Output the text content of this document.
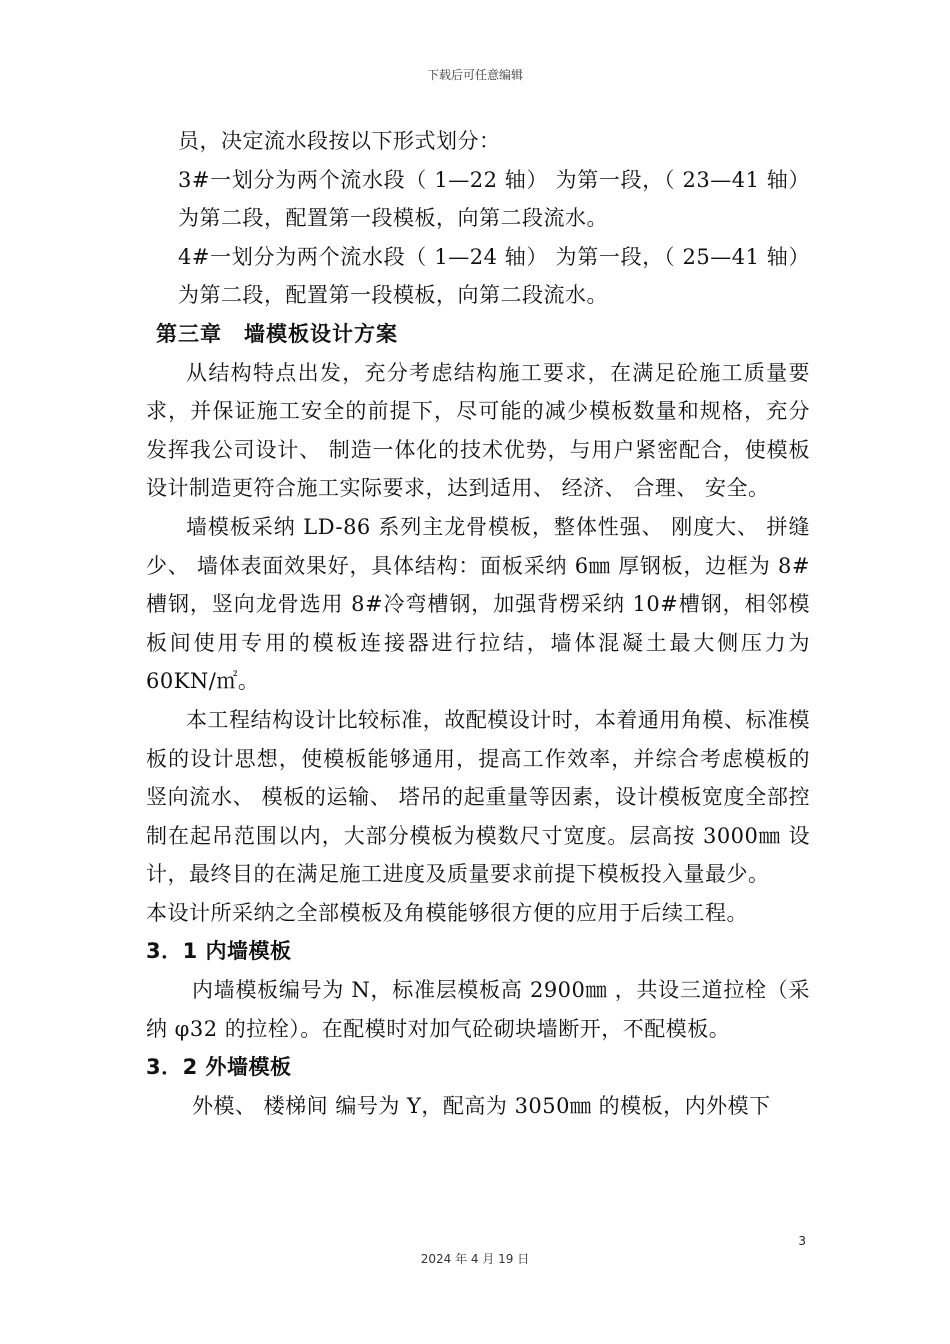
下载后可任意编辑

员，决定流水段按以下形式划分：

3#一划分为两个流水段（ 1—22 轴） 为第一段，（ 23—41 轴） 为第二段，配置第一段模板，向第二段流水。

4#一划分为两个流水段（ 1—24 轴） 为第一段，（ 25—41 轴） 为第二段，配置第一段模板，向第二段流水。

第三章　墙模板设计方案

从结构特点出发，充分考虑结构施工要求，在满足砼施工质量要求，并保证施工安全的前提下，尽可能的减少模板数量和规格，充分发挥我公司设计、 制造一体化的技术优势，与用户紧密配合，使模板设计制造更符合施工实际要求，达到适用、 经济、 合理、 安全。

墙模板采纳 LD-86 系列主龙骨模板，整体性强、 刚度大、 拼缝少、 墙体表面效果好，具体结构：面板采纳 6㎜ 厚钢板，边框为 8#槽钢，竖向龙骨选用 8#冷弯槽钢，加强背楞采纳 10#槽钢，相邻模板间使用专用的模板连接器进行拉结，墙体混凝土最大侧压力为 60KN/㎡。

本工程结构设计比较标准，故配模设计时，本着通用角模、标准模板的设计思想，使模板能够通用，提高工作效率，并综合考虑模板的竖向流水、 模板的运输、 塔吊的起重量等因素，设计模板宽度全部控制在起吊范围以内，大部分模板为模数尺寸宽度。层高按 3000㎜ 设计，最终目的在满足施工进度及质量要求前提下模板投入量最少。

本设计所采纳之全部模板及角模能够很方便的应用于后续工程。

3．1 内墙模板

内墙模板编号为 N，标准层模板高 2900㎜ ，共设三道拉栓（采纳 φ32 的拉栓）。在配模时对加气砼砌块墙断开，不配模板。

3．2 外墙模板

外模、 楼梯间 编号为 Y，配高为 3050㎜ 的模板，内外模下

3
2024 年 4 月 19 日
